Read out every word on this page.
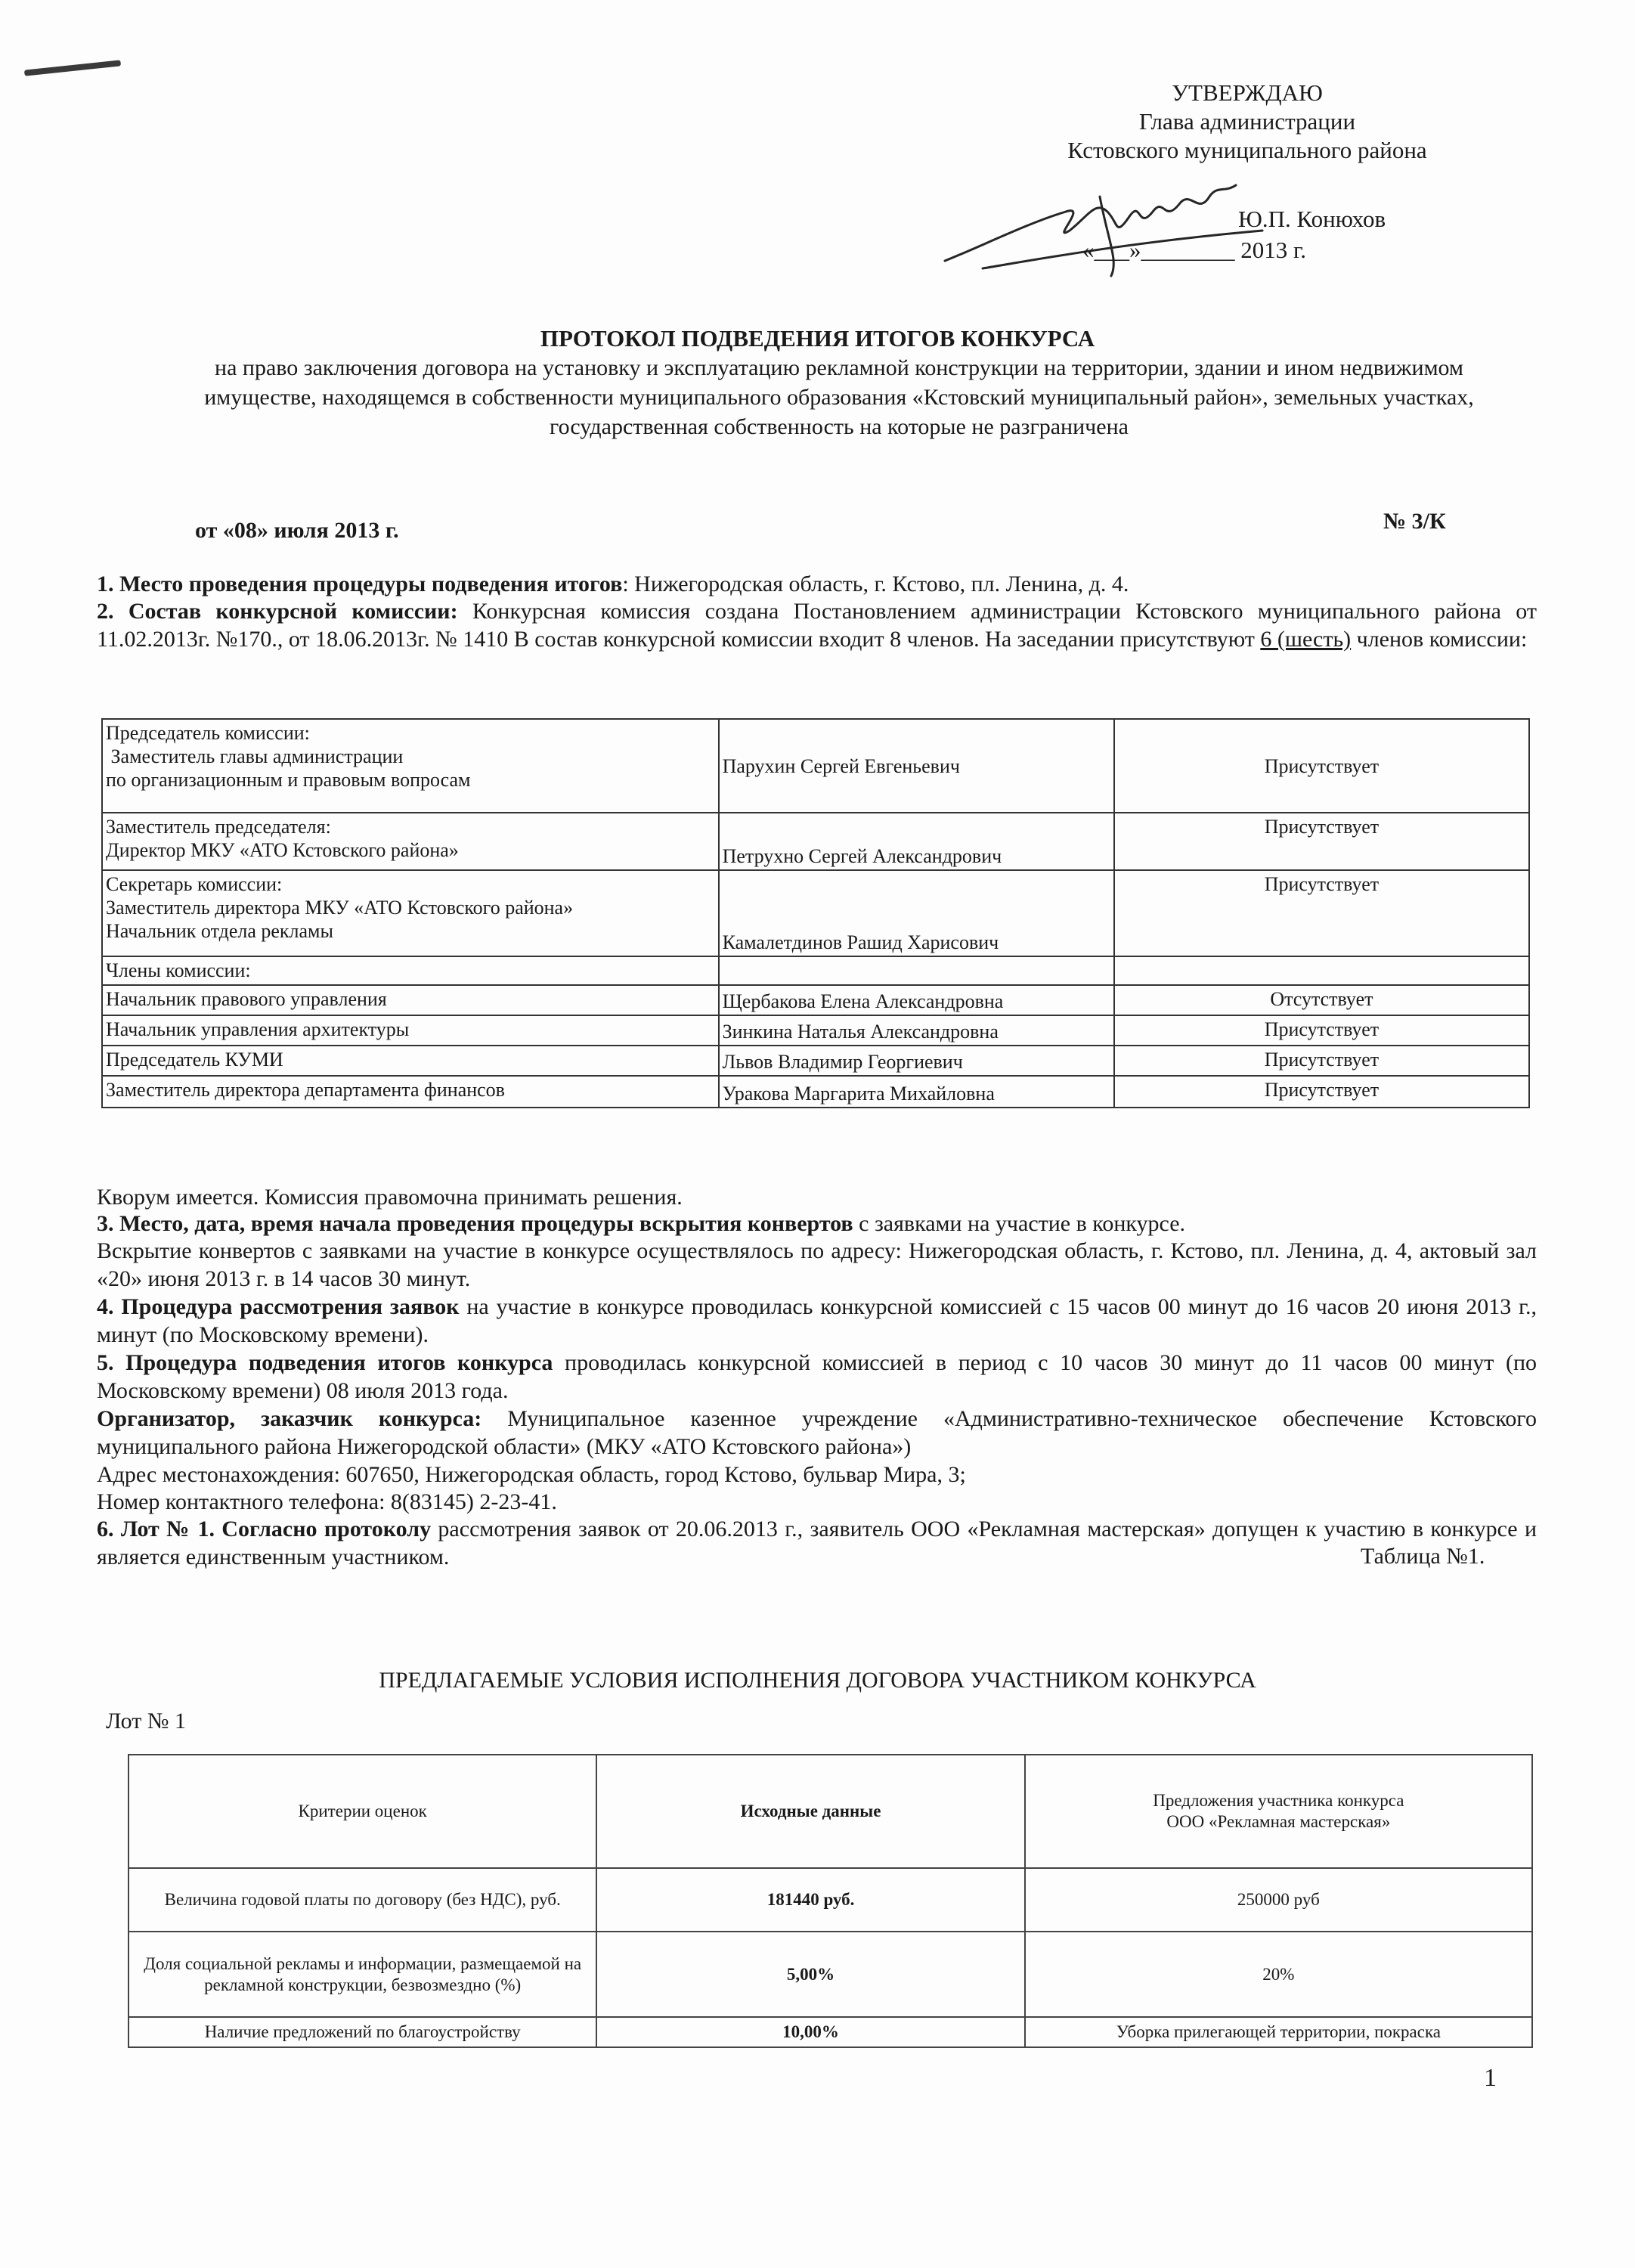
УТВЕРЖДАЮ
Глава администрации
Кстовского муниципального района
Ю.П. Конюхов
«___»________ 2013 г.
ПРОТОКОЛ ПОДВЕДЕНИЯ ИТОГОВ КОНКУРСА
на право заключения договора на установку и эксплуатацию рекламной конструкции на территории, здании и ином недвижимом имуществе, находящемся в собственности муниципального образования «Кстовский муниципальный район», земельных участках, государственная собственность на которые не разграничена
от «08» июля 2013 г.	№ 3/К
1. Место проведения процедуры подведения итогов: Нижегородская область, г. Кстово, пл. Ленина, д. 4.
2. Состав конкурсной комиссии: Конкурсная комиссия создана Постановлением администрации Кстовского муниципального района от 11.02.2013г. №170., от 18.06.2013г. № 1410 В состав конкурсной комиссии входит 8 членов. На заседании присутствуют 6 (шесть) членов комиссии:
Председатель комиссии:
Заместитель главы администрации
по организационным и правовым вопросам	Парухин Сергей Евгеньевич	Присутствует

Заместитель председателя:
Директор МКУ «АТО Кстовского района»	Петрухно Сергей Александрович	Присутствует

Секретарь комиссии:
Заместитель директора МКУ «АТО Кстовского района»
Начальник отдела рекламы	Камалетдинов Рашид Харисович	Присутствует

Члены комиссии:		

Начальник правового управления	Щербакова Елена Александровна	Отсутствует

Начальник управления архитектуры	Зинкина Наталья Александровна	Присутствует

Председатель КУМИ	Львов Владимир Георгиевич	Присутствует

Заместитель директора департамента финансов	Уракова Маргарита Михайловна	Присутствует
Кворум имеется. Комиссия правомочна принимать решения.
3. Место, дата, время начала проведения процедуры вскрытия конвертов с заявками на участие в конкурсе.
Вскрытие конвертов с заявками на участие в конкурсе осуществлялось по адресу: Нижегородская область, г. Кстово, пл. Ленина, д. 4, актовый зал «20» июня 2013 г. в 14 часов 30 минут.
4. Процедура рассмотрения заявок на участие в конкурсе проводилась конкурсной комиссией с 15 часов 00 минут до 16 часов 20 июня 2013 г., минут (по Московскому времени).
5. Процедура подведения итогов конкурса проводилась конкурсной комиссией в период с 10 часов 30 минут до 11 часов 00 минут (по Московскому времени) 08 июля 2013 года.
Организатор, заказчик конкурса: Муниципальное казенное учреждение «Административно-техническое обеспечение Кстовского муниципального района Нижегородской области» (МКУ «АТО Кстовского района»)
Адрес местонахождения: 607650, Нижегородская область, город Кстово, бульвар Мира, 3;
Номер контактного телефона: 8(83145) 2-23-41.
6. Лот № 1. Согласно протоколу рассмотрения заявок от 20.06.2013 г., заявитель ООО «Рекламная мастерская» допущен к участию в конкурсе и является единственным участником.	Таблица №1.
ПРЕДЛАГАЕМЫЕ УСЛОВИЯ ИСПОЛНЕНИЯ ДОГОВОРА УЧАСТНИКОМ КОНКУРСА
Лот № 1
Критерии оценок	Исходные данные	Предложения участника конкурса
ООО «Рекламная мастерская»
Величина годовой платы по договору (без НДС), руб.	181440 руб.	250000 руб
Доля социальной рекламы и информации, размещаемой на рекламной конструкции, безвозмездно (%)	5,00%	20%
Наличие предложений по благоустройству	10,00%	Уборка прилегающей территории, покраска
1
